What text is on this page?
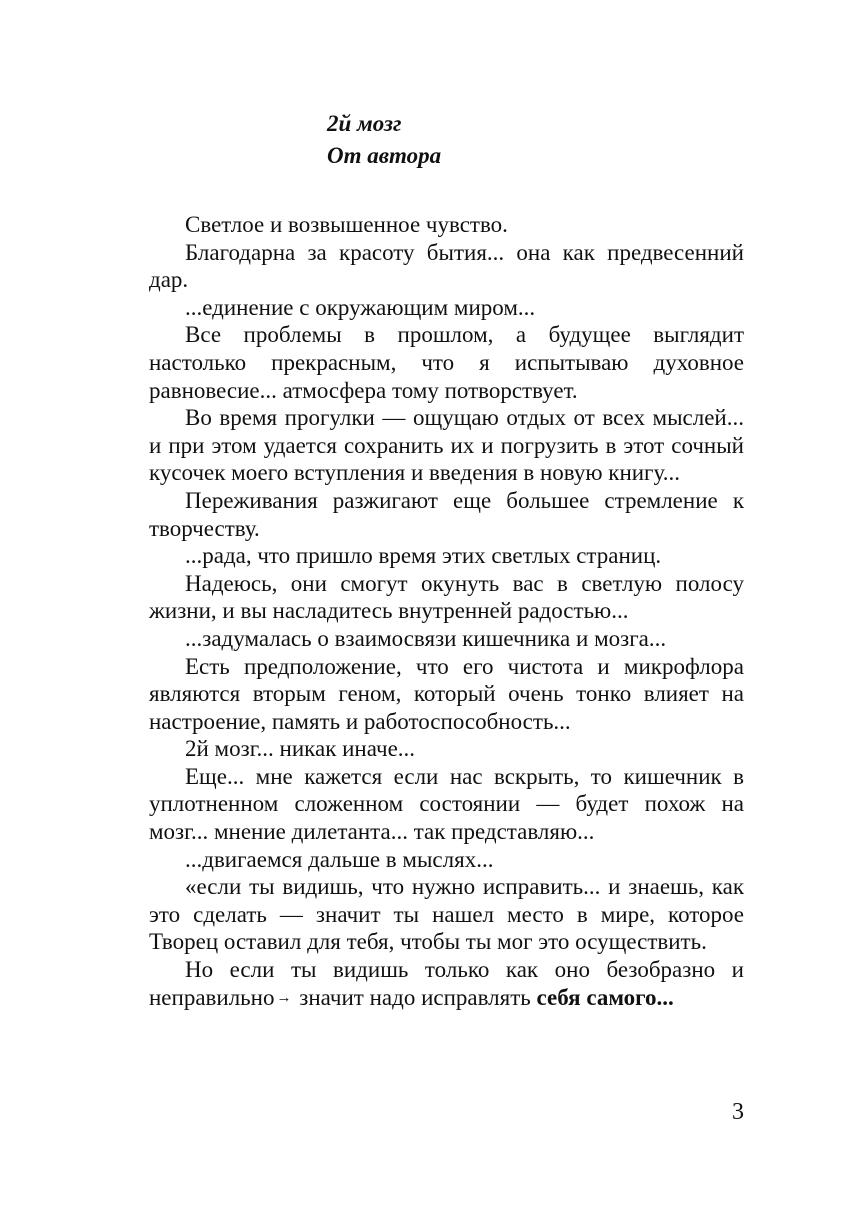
2й мозг
От автора

Светлое и возвышенное чувство.

Благодарна за красоту бытия... она как предвесенний дар.

...единение с окружающим миром...

Все проблемы в прошлом, а будущее выглядит настолько прекрасным, что я испытываю духовное равновесие... атмосфера тому потворствует.

Во время прогулки — ощущаю отдых от всех мыслей... и при этом удается сохранить их и погрузить в этот сочный кусочек моего вступления и введения в новую книгу...

Переживания разжигают еще большее стремление к творчеству.

...рада, что пришло время этих светлых страниц.

Надеюсь, они смогут окунуть вас в светлую полосу жизни, и вы насладитесь внутренней радостью...

...задумалась о взаимосвязи кишечника и мозга...

Есть предположение, что его чистота и микрофлора являются вторым геном, который очень тонко влияет на настроение, память и работоспособность...

2й мозг... никак иначе...

Еще... мне кажется если нас вскрыть, то кишечник в уплотненном сложенном состоянии — будет похож на мозг... мнение дилетанта... так представляю...

...двигаемся дальше в мыслях...

«если ты видишь, что нужно исправить... и знаешь, как это сделать — значит ты нашел место в мире, которое Творец оставил для тебя, чтобы ты мог это осуществить.

Но если ты видишь только как оно безобразно и неправильно → значит надо исправлять себя самого...

3
